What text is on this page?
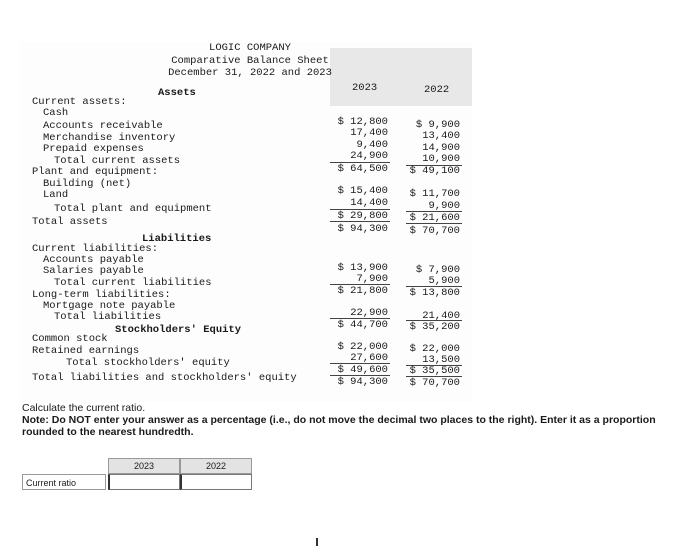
LOGIC COMPANY
Comparative Balance Sheet
December 31, 2022 and 2023
2023	2022
Assets
Current assets:
Cash
Accounts receivable
Merchandise inventory
Prepaid expenses
Total current assets
Plant and equipment:
Building (net)
Land
Total plant and equipment
Total assets
$ 12,800
17,400
9,400
24,900
$ 64,500
$ 15,400
14,400
$ 29,800
$ 94,300
$ 9,900
13,400
14,900
10,900
$ 49,100
$ 11,700
9,900
$ 21,600
$ 70,700
Liabilities
Current liabilities:
Accounts payable
Salaries payable
Total current liabilities
Long-term liabilities:
Mortgage note payable
Total liabilities
Stockholders' Equity
Common stock
Retained earnings
Total stockholders' equity
Total liabilities and stockholders' equity
$ 13,900
7,900
$ 21,800
22,900
$ 44,700
$ 22,000
27,600
$ 49,600
$ 94,300
$ 7,900
5,900
$ 13,800
21,400
$ 35,200
$ 22,000
13,500
$ 35,500
$ 70,700
Calculate the current ratio.
Note: Do NOT enter your answer as a percentage (i.e., do not move the decimal two places to the right). Enter it as a proportion
rounded to the nearest hundredth.
2023	2022
Current ratio
